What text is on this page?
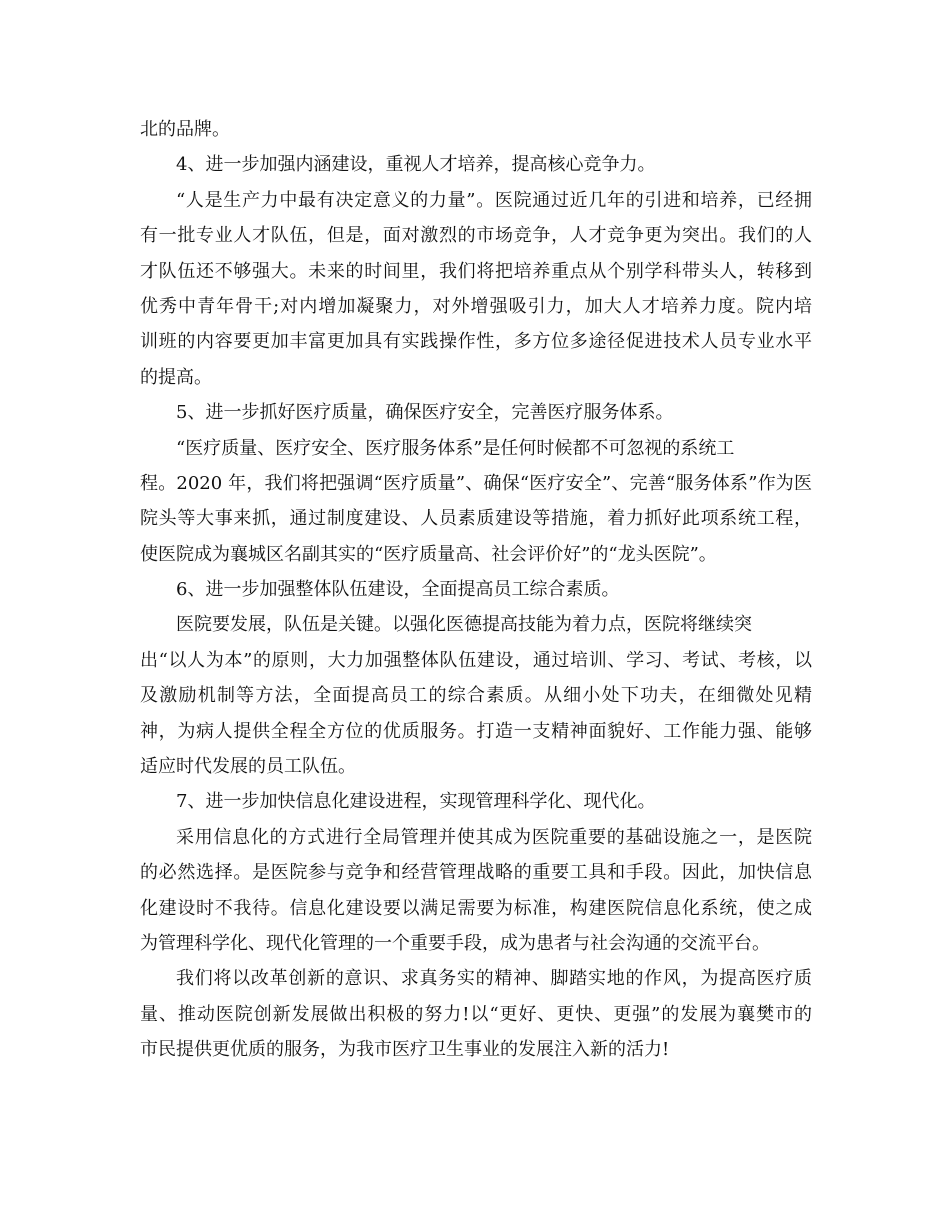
北的品牌。
4、进一步加强内涵建设，重视人才培养，提高核心竞争力。
“人是生产力中最有决定意义的力量”。医院通过近几年的引进和培养，已经拥
有一批专业人才队伍，但是，面对激烈的市场竞争，人才竞争更为突出。我们的人
才队伍还不够强大。未来的时间里，我们将把培养重点从个别学科带头人，转移到
优秀中青年骨干;对内增加凝聚力，对外增强吸引力，加大人才培养力度。院内培
训班的内容要更加丰富更加具有实践操作性，多方位多途径促进技术人员专业水平
的提高。
5、进一步抓好医疗质量，确保医疗安全，完善医疗服务体系。
“医疗质量、医疗安全、医疗服务体系”是任何时候都不可忽视的系统工
程。2020 年，我们将把强调“医疗质量”、确保“医疗安全”、完善“服务体系”作为医
院头等大事来抓，通过制度建设、人员素质建设等措施，着力抓好此项系统工程，
使医院成为襄城区名副其实的“医疗质量高、社会评价好”的“龙头医院”。
6、进一步加强整体队伍建设，全面提高员工综合素质。
医院要发展，队伍是关键。以强化医德提高技能为着力点，医院将继续突
出“以人为本”的原则，大力加强整体队伍建设，通过培训、学习、考试、考核，以
及激励机制等方法，全面提高员工的综合素质。从细小处下功夫，在细微处见精
神，为病人提供全程全方位的优质服务。打造一支精神面貌好、工作能力强、能够
适应时代发展的员工队伍。
7、进一步加快信息化建设进程，实现管理科学化、现代化。
采用信息化的方式进行全局管理并使其成为医院重要的基础设施之一，是医院
的必然选择。是医院参与竞争和经营管理战略的重要工具和手段。因此，加快信息
化建设时不我待。信息化建设要以满足需要为标准，构建医院信息化系统，使之成
为管理科学化、现代化管理的一个重要手段，成为患者与社会沟通的交流平台。
我们将以改革创新的意识、求真务实的精神、脚踏实地的作风，为提高医疗质
量、推动医院创新发展做出积极的努力!以“更好、更快、更强”的发展为襄樊市的
市民提供更优质的服务，为我市医疗卫生事业的发展注入新的活力!
